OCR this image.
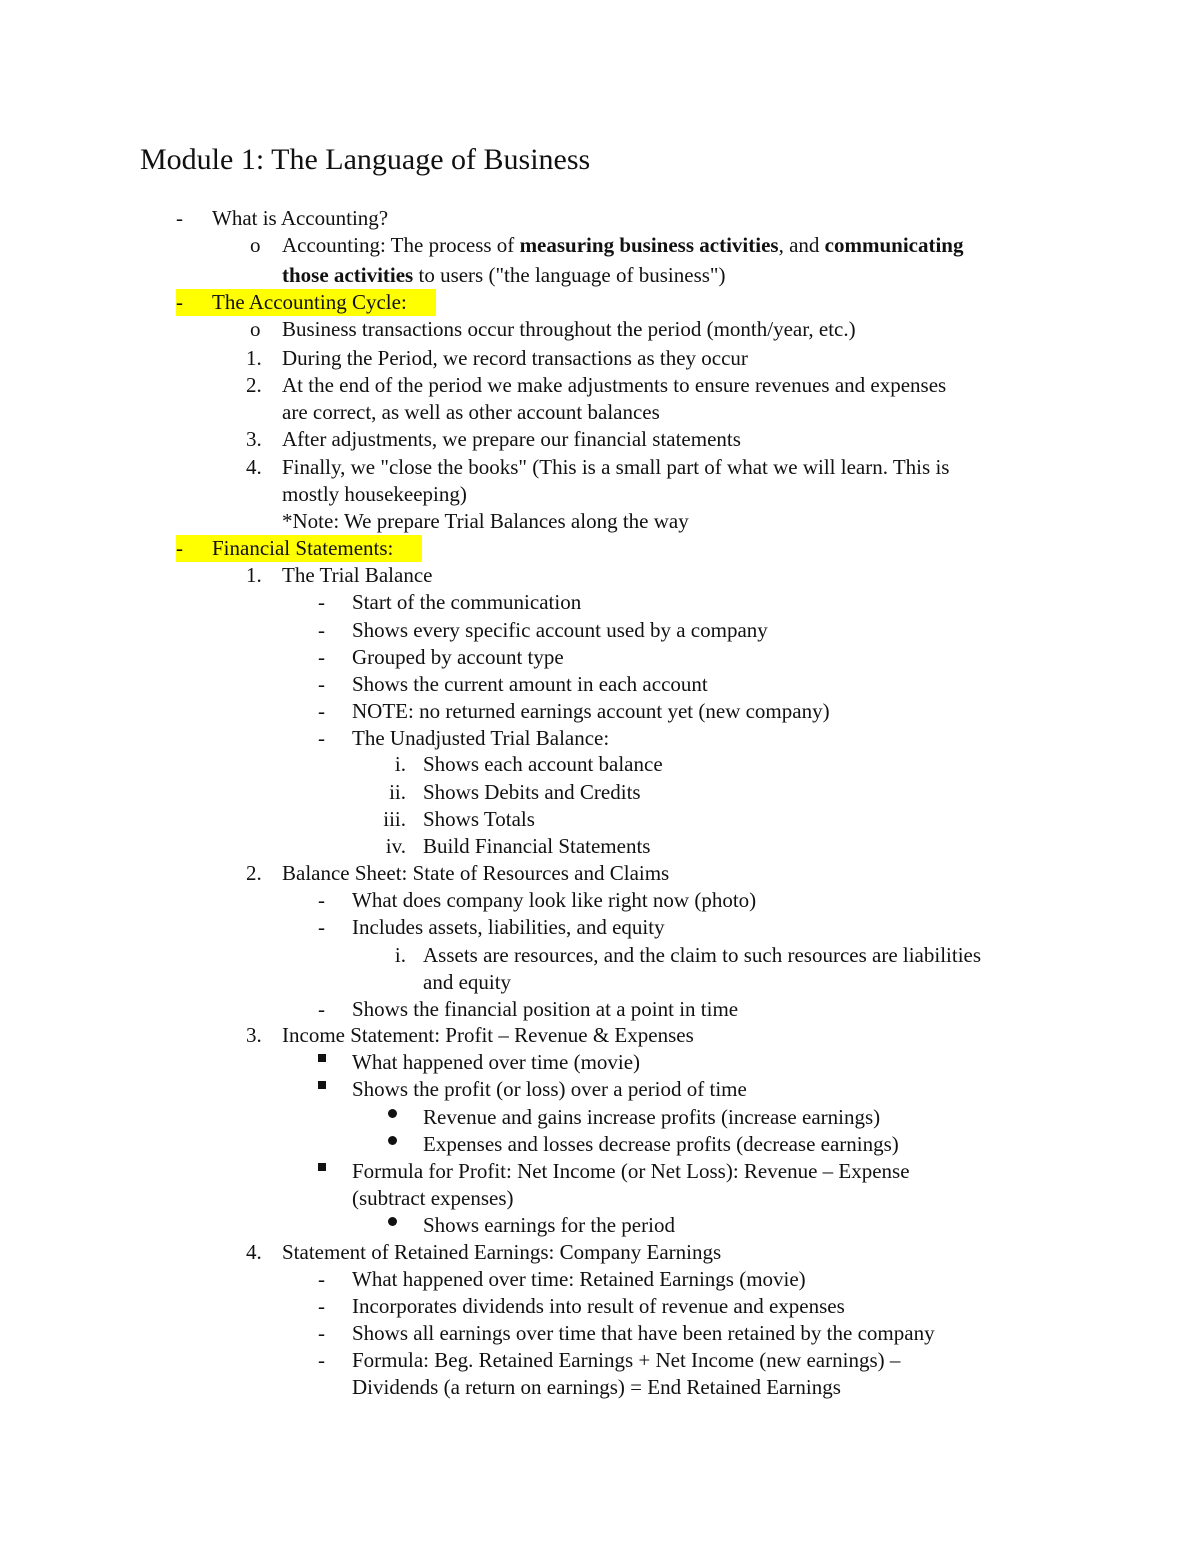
Module 1: The Language of Business
- What is Accounting?
o Accounting: The process of measuring business activities, and communicating
those activities to users ("the language of business")
- The Accounting Cycle:
o Business transactions occur throughout the period (month/year, etc.)
1. During the Period, we record transactions as they occur
2. At the end of the period we make adjustments to ensure revenues and expenses
are correct, as well as other account balances
3. After adjustments, we prepare our financial statements
4. Finally, we "close the books" (This is a small part of what we will learn. This is
mostly housekeeping)
*Note: We prepare Trial Balances along the way
- Financial Statements:
1. The Trial Balance
- Start of the communication
- Shows every specific account used by a company
- Grouped by account type
- Shows the current amount in each account
- NOTE: no returned earnings account yet (new company)
- The Unadjusted Trial Balance:
i. Shows each account balance
ii. Shows Debits and Credits
iii. Shows Totals
iv. Build Financial Statements
2. Balance Sheet: State of Resources and Claims
- What does company look like right now (photo)
- Includes assets, liabilities, and equity
i. Assets are resources, and the claim to such resources are liabilities
and equity
- Shows the financial position at a point in time
3. Income Statement: Profit – Revenue & Expenses
What happened over time (movie)
Shows the profit (or loss) over a period of time
Revenue and gains increase profits (increase earnings)
Expenses and losses decrease profits (decrease earnings)
Formula for Profit: Net Income (or Net Loss): Revenue – Expense
(subtract expenses)
Shows earnings for the period
4. Statement of Retained Earnings: Company Earnings
- What happened over time: Retained Earnings (movie)
- Incorporates dividends into result of revenue and expenses
- Shows all earnings over time that have been retained by the company
- Formula: Beg. Retained Earnings + Net Income (new earnings) –
Dividends (a return on earnings) = End Retained Earnings
